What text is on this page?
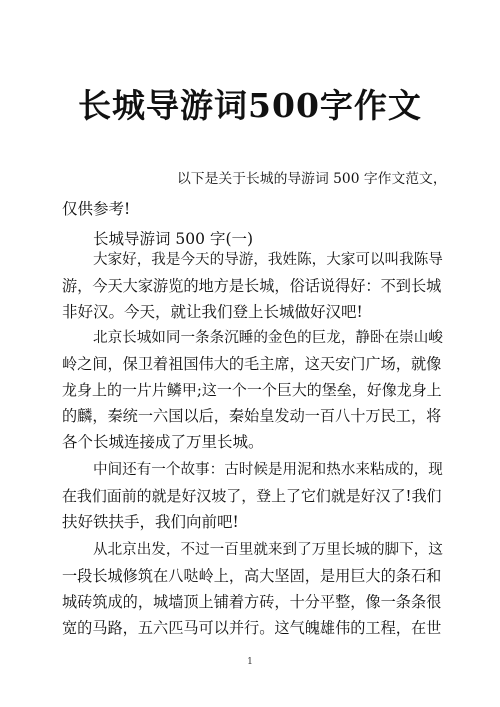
长城导游词500字作文
以下是关于长城的导游词 500 字作文范文，
仅供参考!
长城导游词 500 字(一)
大家好，我是今天的导游，我姓陈，大家可以叫我陈导
游，今天大家游览的地方是长城，俗话说得好：不到长城
非好汉。今天，就让我们登上长城做好汉吧!
北京长城如同一条条沉睡的金色的巨龙，静卧在崇山峻
岭之间，保卫着祖国伟大的毛主席，这天安门广场，就像
龙身上的一片片鳞甲;这一个一个巨大的堡垒，好像龙身上
的麟，秦统一六国以后，秦始皇发动一百八十万民工，将
各个长城连接成了万里长城。
中间还有一个故事：古时候是用泥和热水来粘成的，现
在我们面前的就是好汉坡了，登上了它们就是好汉了!我们
扶好铁扶手，我们向前吧!
从北京出发，不过一百里就来到了万里长城的脚下，这
一段长城修筑在八哒岭上，高大坚固，是用巨大的条石和
城砖筑成的，城墙顶上铺着方砖，十分平整，像一条条很
宽的马路，五六匹马可以并行。这气魄雄伟的工程，在世
1
